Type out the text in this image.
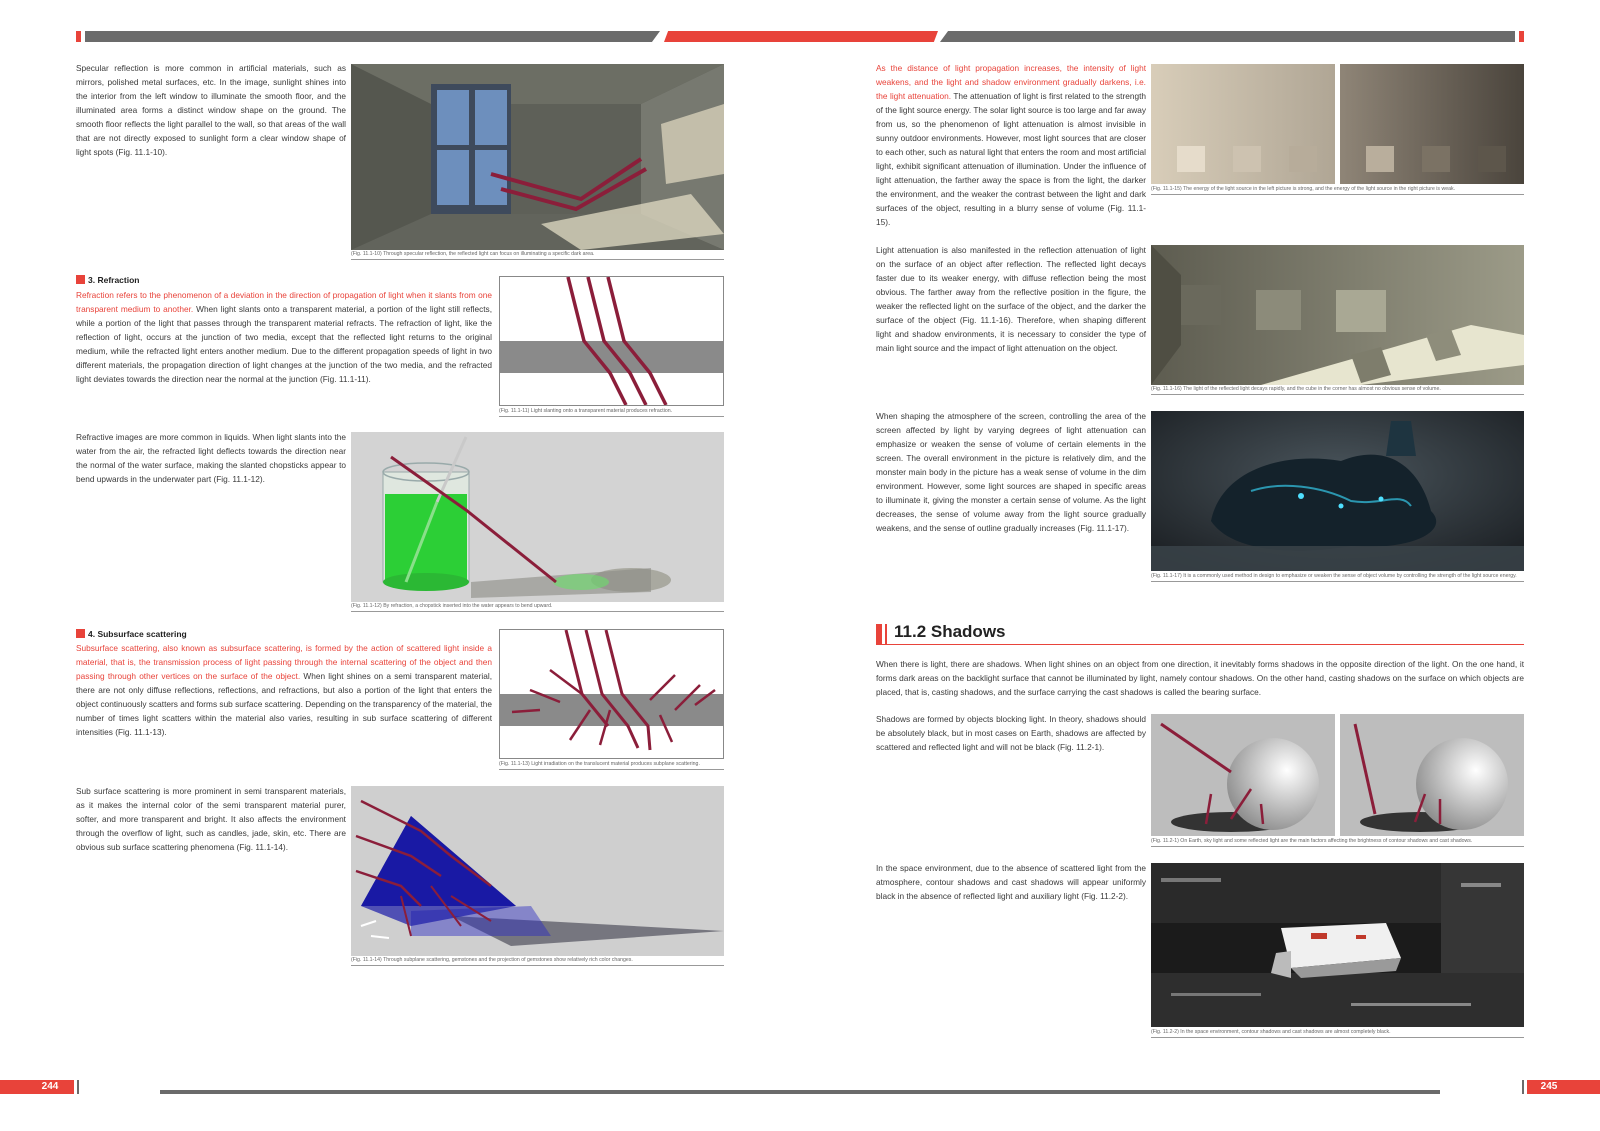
Specular reflection is more common in artificial materials, such as mirrors, polished metal surfaces, etc. In the image, sunlight shines into the interior from the left window to illuminate the smooth floor, and the illuminated area forms a distinct window shape on the ground. The smooth floor reflects the light parallel to the wall, so that areas of the wall that are not directly exposed to sunlight form a clear window shape of light spots (Fig. 11.1-10).
(Fig. 11.1-10) Through specular reflection, the reflected light can focus on illuminating a specific dark area.
3. Refraction
Refraction refers to the phenomenon of a deviation in the direction of propagation of light when it slants from one transparent medium to another. When light slants onto a transparent material, a portion of the light still reflects, while a portion of the light that passes through the transparent material refracts. The refraction of light, like the reflection of light, occurs at the junction of two media, except that the reflected light returns to the original medium, while the refracted light enters another medium. Due to the different propagation speeds of light in two different materials, the propagation direction of light changes at the junction of the two media, and the refracted light deviates towards the direction near the normal at the junction (Fig. 11.1-11).
(Fig. 11.1-11) Light slanting onto a transparent material produces refraction.
Refractive images are more common in liquids. When light slants into the water from the air, the refracted light deflects towards the direction near the normal of the water surface, making the slanted chopsticks appear to bend upwards in the underwater part (Fig. 11.1-12).
(Fig. 11.1-12) By refraction, a chopstick inserted into the water appears to bend upward.
4. Subsurface scattering
Subsurface scattering, also known as subsurface scattering, is formed by the action of scattered light inside a material, that is, the transmission process of light passing through the internal scattering of the object and then passing through other vertices on the surface of the object. When light shines on a semi transparent material, there are not only diffuse reflections, reflections, and refractions, but also a portion of the light that enters the object continuously scatters and forms sub surface scattering. Depending on the transparency of the material, the number of times light scatters within the material also varies, resulting in sub surface scattering of different intensities (Fig. 11.1-13).
(Fig. 11.1-13) Light irradiation on the translucent material produces subplane scattering.
Sub surface scattering is more prominent in semi transparent materials, as it makes the internal color of the semi transparent material purer, softer, and more transparent and bright. It also affects the environment through the overflow of light, such as candles, jade, skin, etc. There are obvious sub surface scattering phenomena (Fig. 11.1-14).
(Fig. 11.1-14) Through subplane scattering, gemstones and the projection of gemstones show relatively rich color changes.
As the distance of light propagation increases, the intensity of light weakens, and the light and shadow environment gradually darkens, i.e. the light attenuation. The attenuation of light is first related to the strength of the light source energy. The solar light source is too large and far away from us, so the phenomenon of light attenuation is almost invisible in sunny outdoor environments. However, most light sources that are closer to each other, such as natural light that enters the room and most artificial light, exhibit significant attenuation of illumination. Under the influence of light attenuation, the farther away the space is from the light, the darker the environment, and the weaker the contrast between the light and dark surfaces of the object, resulting in a blurry sense of volume (Fig. 11.1-15).
(Fig. 11.1-15) The energy of the light source in the left picture is strong, and the energy of the light source in the right picture is weak.
Light attenuation is also manifested in the reflection attenuation of light on the surface of an object after reflection. The reflected light decays faster due to its weaker energy, with diffuse reflection being the most obvious. The farther away from the reflective position in the figure, the weaker the reflected light on the surface of the object, and the darker the surface of the object (Fig. 11.1-16). Therefore, when shaping different light and shadow environments, it is necessary to consider the type of main light source and the impact of light attenuation on the object.
(Fig. 11.1-16) The light of the reflected light decays rapidly, and the cube in the corner has almost no obvious sense of volume.
When shaping the atmosphere of the screen, controlling the area of the screen affected by light by varying degrees of light attenuation can emphasize or weaken the sense of volume of certain elements in the screen. The overall environment in the picture is relatively dim, and the monster main body in the picture has a weak sense of volume in the dim environment. However, some light sources are shaped in specific areas to illuminate it, giving the monster a certain sense of volume. As the light decreases, the sense of volume away from the light source gradually weakens, and the sense of outline gradually increases (Fig. 11.1-17).
(Fig. 11.1-17) It is a commonly used method in design to emphasize or weaken the sense of object volume by controlling the strength of the light source energy.
11.2 Shadows
When there is light, there are shadows. When light shines on an object from one direction, it inevitably forms shadows in the opposite direction of the light. On the one hand, it forms dark areas on the backlight surface that cannot be illuminated by light, namely contour shadows. On the other hand, casting shadows on the surface on which objects are placed, that is, casting shadows, and the surface carrying the cast shadows is called the bearing surface.
Shadows are formed by objects blocking light. In theory, shadows should be absolutely black, but in most cases on Earth, shadows are affected by scattered and reflected light and will not be black (Fig. 11.2-1).
(Fig. 11.2-1) On Earth, sky light and some reflected light are the main factors affecting the brightness of contour shadows and cast shadows.
In the space environment, due to the absence of scattered light from the atmosphere, contour shadows and cast shadows will appear uniformly black in the absence of reflected light and auxiliary light (Fig. 11.2-2).
(Fig. 11.2-2) In the space environment, contour shadows and cast shadows are almost completely black.
244	245
